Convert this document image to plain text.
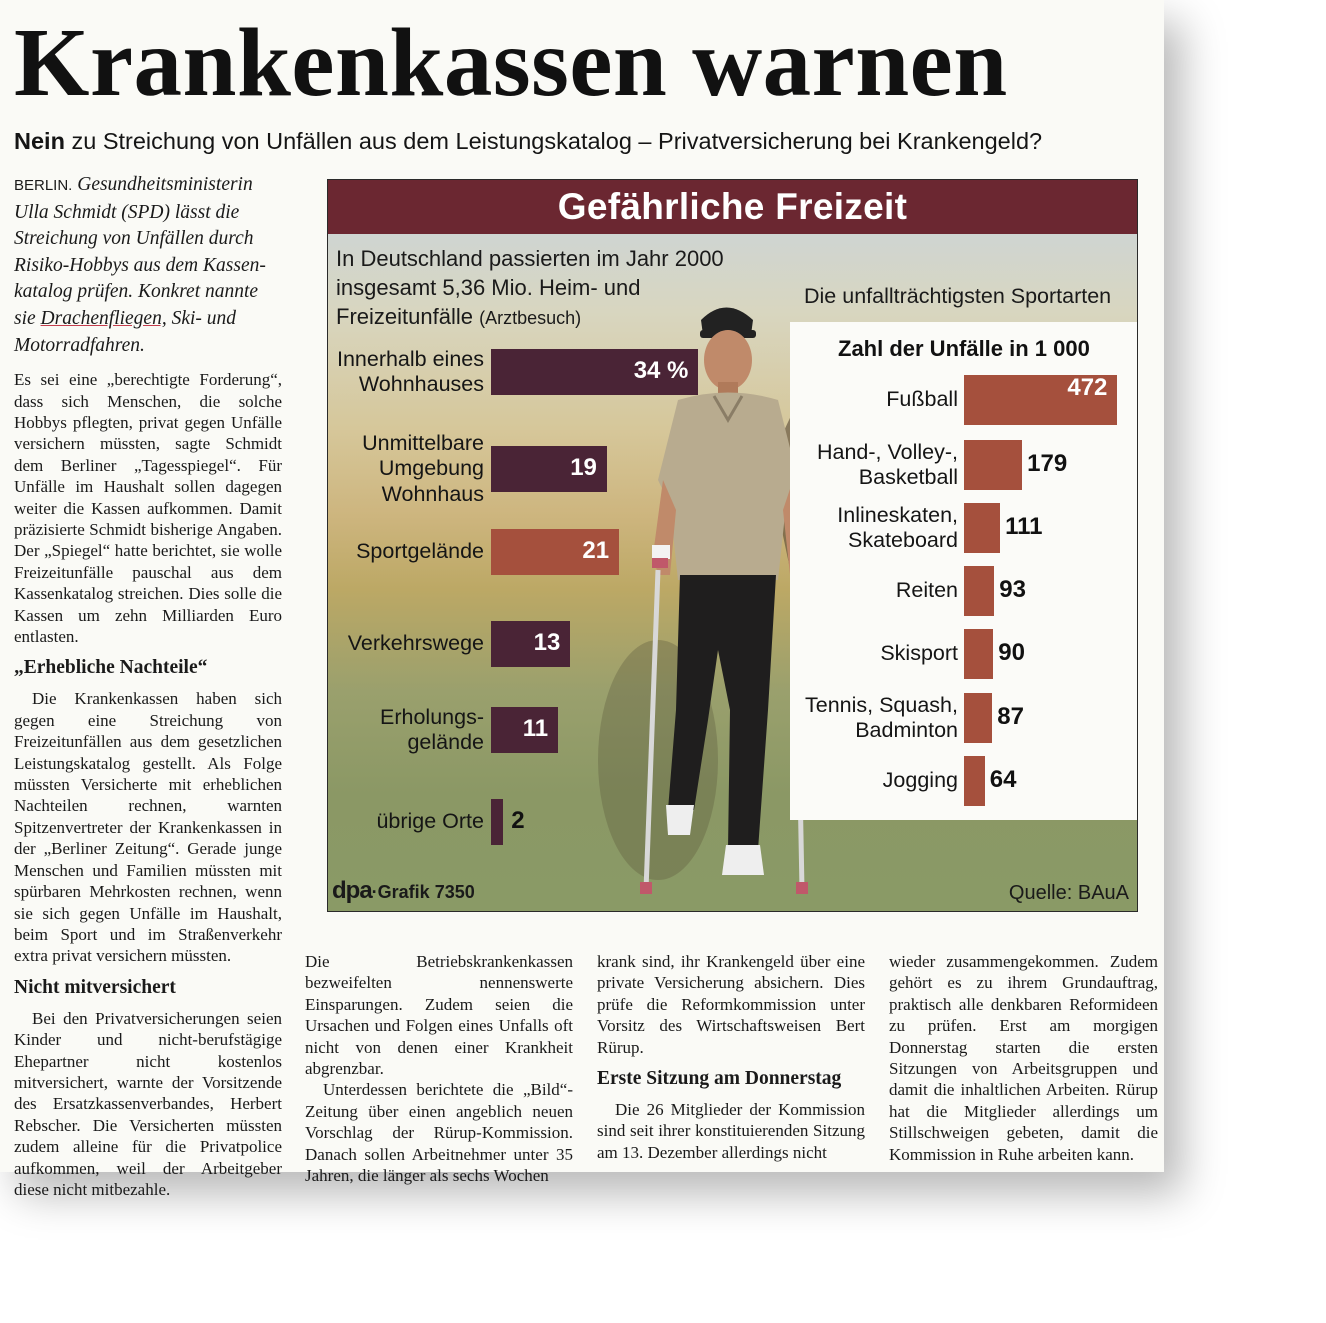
Krankenkassen warnen
Nein zu Streichung von Unfällen aus dem Leistungskatalog – Privatversicherung bei Krankengeld?

BERLIN. Gesundheitsministerin Ulla Schmidt (SPD) lässt die Streichung von Unfällen durch Risiko-Hobbys aus dem Kassen-katalog prüfen. Konkret nannte sie Drachenfliegen, Ski- und Motorradfahren.

Es sei eine „berechtigte Forderung“, dass sich Menschen, die solche Hobbys pflegten, privat gegen Unfälle versichern müssten, sagte Schmidt dem Berliner „Tagesspiegel“. Für Unfälle im Haushalt sollen dagegen weiter die Kassen aufkommen. Damit präzisierte Schmidt bisherige Angaben. Der „Spiegel“ hatte berichtet, sie wolle Freizeitunfälle pauschal aus dem Kassenkatalog streichen. Dies solle die Kassen um zehn Milliarden Euro entlasten.

„Erhebliche Nachteile“

Die Krankenkassen haben sich gegen eine Streichung von Freizeitunfällen aus dem gesetzlichen Leistungskatalog gestellt. Als Folge müssten Versicherte mit erheblichen Nachteilen rechnen, warnten Spitzenvertreter der Krankenkassen in der „Berliner Zeitung“. Gerade junge Menschen und Familien müssten mit spürbaren Mehrkosten rechnen, wenn sie sich gegen Unfälle im Haushalt, beim Sport und im Straßenverkehr extra privat versichern müssten.

Nicht mitversichert

Bei den Privatversicherungen seien Kinder und nicht-berufstägige Ehepartner nicht kostenlos mitversichert, warnte der Vorsitzende des Ersatzkassenverbandes, Herbert Rebscher. Die Versicherten müssten zudem alleine für die Privatpolice aufkommen, weil der Arbeitgeber diese nicht mitbezahle.

Die Betriebskrankenkassen bezweifelten nennenswerte Einsparungen. Zudem seien die Ursachen und Folgen eines Unfalls oft nicht von denen einer Krankheit abgrenzbar.

Unterdessen berichtete die „Bild“-Zeitung über einen angeblich neuen Vorschlag der Rürup-Kommission. Danach sollen Arbeitnehmer unter 35 Jahren, die länger als sechs Wochen

krank sind, ihr Krankengeld über eine private Versicherung absichern. Dies prüfe die Reformkommission unter Vorsitz des Wirtschaftsweisen Bert Rürup.

Erste Sitzung am Donnerstag

Die 26 Mitglieder der Kommission sind seit ihrer konstituierenden Sitzung am 13. Dezember allerdings nicht

wieder zusammengekommen. Zudem gehört es zu ihrem Grundauftrag, praktisch alle denkbaren Reformideen zu prüfen. Erst am morgigen Donnerstag starten die ersten Sitzungen von Arbeitsgruppen und damit die inhaltlichen Arbeiten. Rürup hat die Mitglieder allerdings um Stillschweigen gebeten, damit die Kommission in Ruhe arbeiten kann.

Gefährliche Freizeit
In Deutschland passierten im Jahr 2000
insgesamt 5,36 Mio. Heim- und
Freizeitunfälle (Arztbesuch)
Die unfallträchtigsten Sportarten
Zahl der Unfälle in 1 000
Innerhalb eines
Wohnhauses	34 %
Unmittelbare
Umgebung
Wohnhaus
19
Sportgelände	21
Verkehrswege	13
Erholungs-
gelände	11
übrige Orte 2
Fußball	472
Hand-, Volley-,
Basketball	179
Inlineskaten,
Skateboard 111
Reiten 93
Skisport 90
Tennis, Squash,
Badminton 87
Jogging 64
dpa·Grafik 7350	Quelle: BAuA
